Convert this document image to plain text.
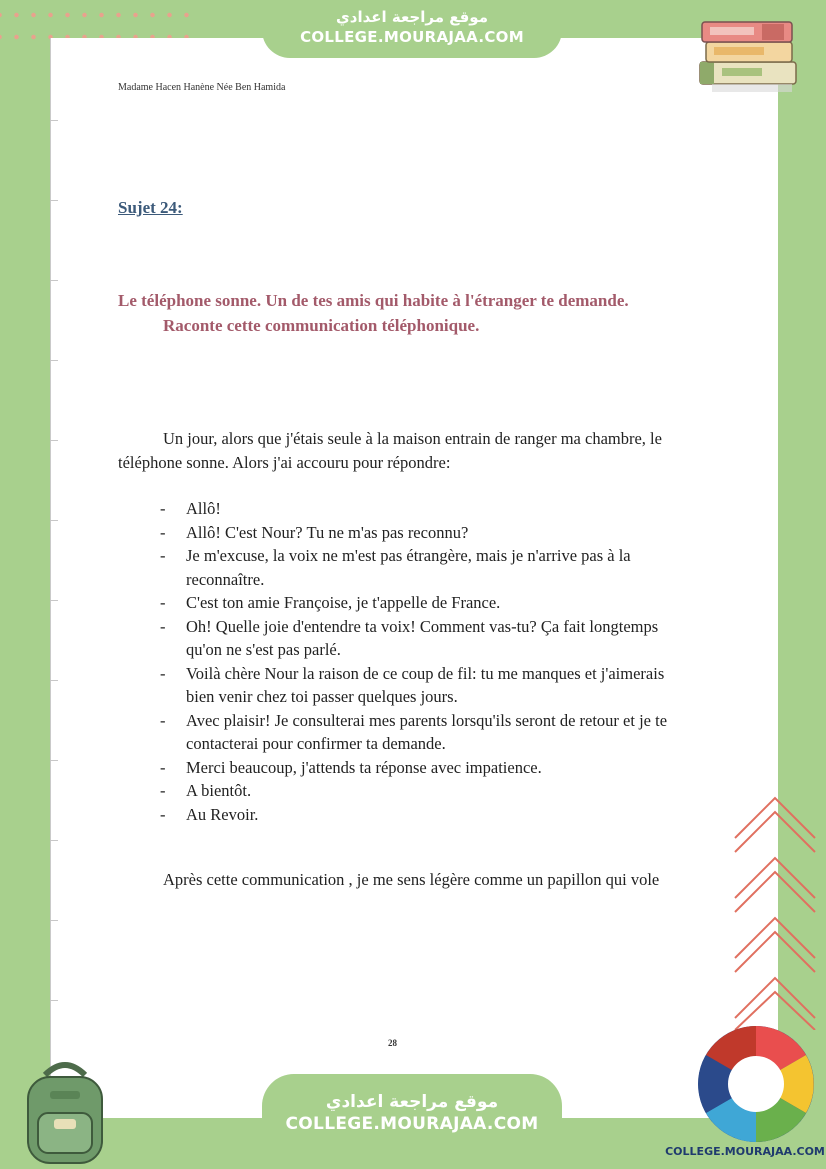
موقع مراجعة اعدادي
COLLEGE.MOURAJAA.COM
Madame Hacen Hanène Née Ben Hamida
Sujet 24:
Le téléphone sonne. Un de tes amis qui habite à l'étranger te demande.
Raconte cette communication téléphonique.

Un jour, alors que j'étais seule à la maison entrain de ranger ma chambre, le téléphone sonne. Alors j'ai accouru pour répondre:

- Allô!
- Allô! C'est Nour? Tu ne m'as pas reconnu?
- Je m'excuse, la voix ne m'est pas étrangère, mais je n'arrive pas à la reconnaître.
- C'est ton amie Françoise, je t'appelle de France.
- Oh! Quelle joie d'entendre ta voix! Comment vas-tu? Ça fait longtemps qu'on ne s'est pas parlé.
- Voilà chère Nour la raison de ce coup de fil: tu me manques et j'aimerais bien venir chez toi passer quelques jours.
- Avec plaisir! Je consulterai mes parents lorsqu'ils seront de retour et je te contacterai pour confirmer ta demande.
- Merci beaucoup, j'attends ta réponse avec impatience.
- A bientôt.
- Au Revoir.

Après cette communication , je me sens légère comme un papillon qui vole

28
موقع مراجعة اعدادي
COLLEGE.MOURAJAA.COM
COLLEGE.MOURAJAA.COM
